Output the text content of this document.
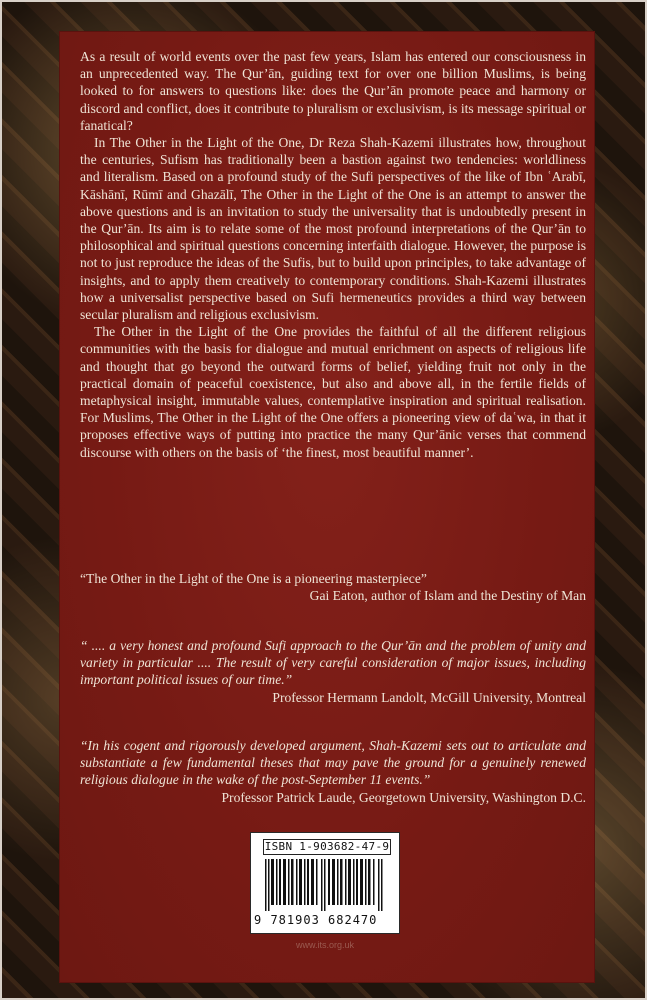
As a result of world events over the past few years, Islam has entered our consciousness in an unprecedented way. The Qur’ān, guiding text for over one billion Muslims, is being looked to for answers to questions like: does the Qur’ān promote peace and harmony or discord and conflict, does it contribute to pluralism or exclusivism, is its message spiritual or fanatical?

In The Other in the Light of the One, Dr Reza Shah-Kazemi illustrates how, throughout the centuries, Sufism has traditionally been a bastion against two tendencies: worldliness and literalism. Based on a profound study of the Sufi perspectives of the like of Ibn ʿArabī, Kāshānī, Rūmī and Ghazālī, The Other in the Light of the One is an attempt to answer the above questions and is an invitation to study the universality that is undoubtedly present in the Qur’ān. Its aim is to relate some of the most profound interpretations of the Qur’ān to philosophical and spiritual questions concerning interfaith dialogue. However, the purpose is not to just reproduce the ideas of the Sufis, but to build upon principles, to take advantage of insights, and to apply them creatively to contemporary conditions. Shah-Kazemi illustrates how a universalist perspective based on Sufi hermeneutics provides a third way between secular pluralism and religious exclusivism.

The Other in the Light of the One provides the faithful of all the different religious communities with the basis for dialogue and mutual enrichment on aspects of religious life and thought that go beyond the outward forms of belief, yielding fruit not only in the practical domain of peaceful coexistence, but also and above all, in the fertile fields of metaphysical insight, immutable values, contemplative inspiration and spiritual realisation. For Muslims, The Other in the Light of the One offers a pioneering view of daʿwa, in that it proposes effective ways of putting into practice the many Qur’ānic verses that commend discourse with others on the basis of ‘the finest, most beautiful manner’.

“The Other in the Light of the One is a pioneering masterpiece”
Gai Eaton, author of Islam and the Destiny of Man
“ .... a very honest and profound Sufi approach to the Qur’ān and the problem of unity and variety in particular .... The result of very careful consideration of major issues, including important political issues of our time.”
Professor Hermann Landolt, McGill University, Montreal
“In his cogent and rigorously developed argument, Shah-Kazemi sets out to articulate and substantiate a few fundamental theses that may pave the ground for a genuinely renewed religious dialogue in the wake of the post-September 11 events.”
Professor Patrick Laude, Georgetown University, Washington D.C.
ISBN 1-903682-47-9
9 781903 682470
www.its.org.uk
